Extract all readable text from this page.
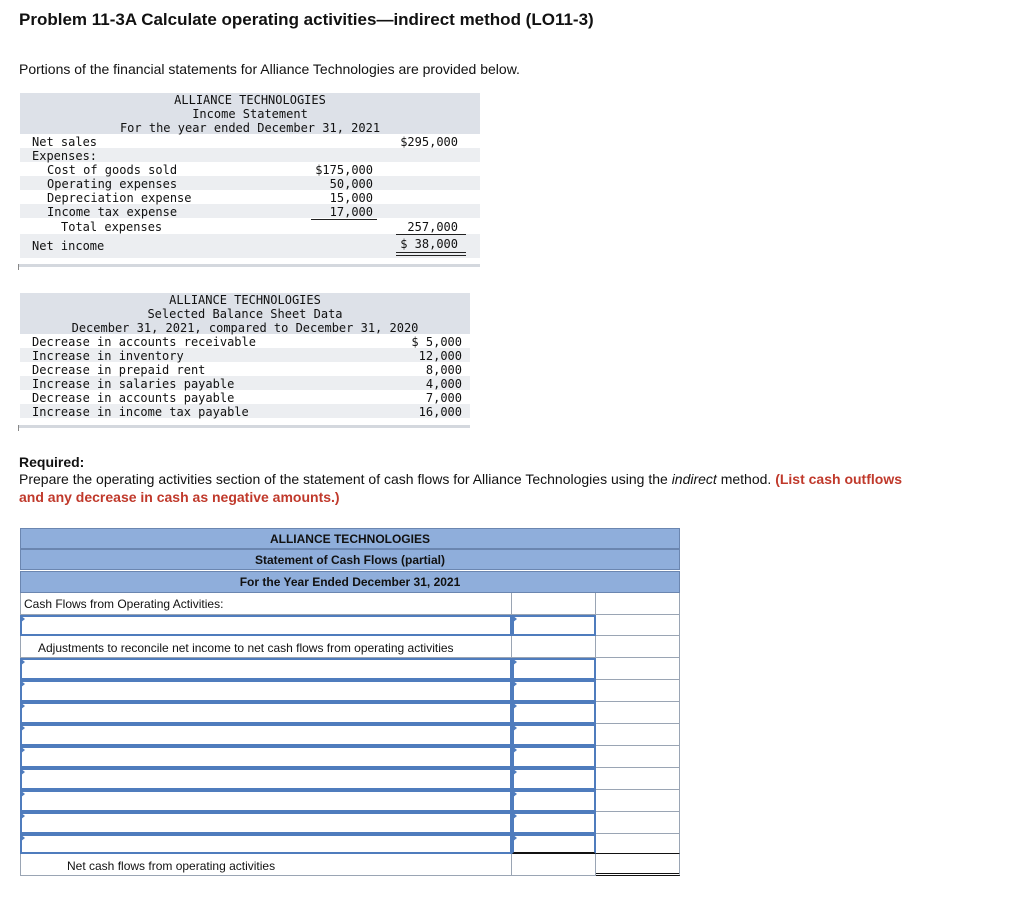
Problem 11-3A Calculate operating activities—indirect method (LO11-3)
Portions of the financial statements for Alliance Technologies are provided below.
ALLIANCE TECHNOLOGIES
Income Statement
For the year ended December 31, 2021
Net sales	$295,000
Expenses:
Cost of goods sold	$175,000
Operating expenses	50,000
Depreciation expense	15,000
Income tax expense	17,000
Total expenses	257,000
Net income	$ 38,000
ALLIANCE TECHNOLOGIES
Selected Balance Sheet Data
December 31, 2021, compared to December 31, 2020
Decrease in accounts receivable	$ 5,000
Increase in inventory	12,000
Decrease in prepaid rent	8,000
Increase in salaries payable	4,000
Decrease in accounts payable	7,000
Increase in income tax payable	16,000
Required:
Prepare the operating activities section of the statement of cash flows for Alliance Technologies using the indirect method. (List cash outflows and any decrease in cash as negative amounts.)
ALLIANCE TECHNOLOGIES
Statement of Cash Flows (partial)
For the Year Ended December 31, 2021
Cash Flows from Operating Activities:
Adjustments to reconcile net income to net cash flows from operating activities
Net cash flows from operating activities
